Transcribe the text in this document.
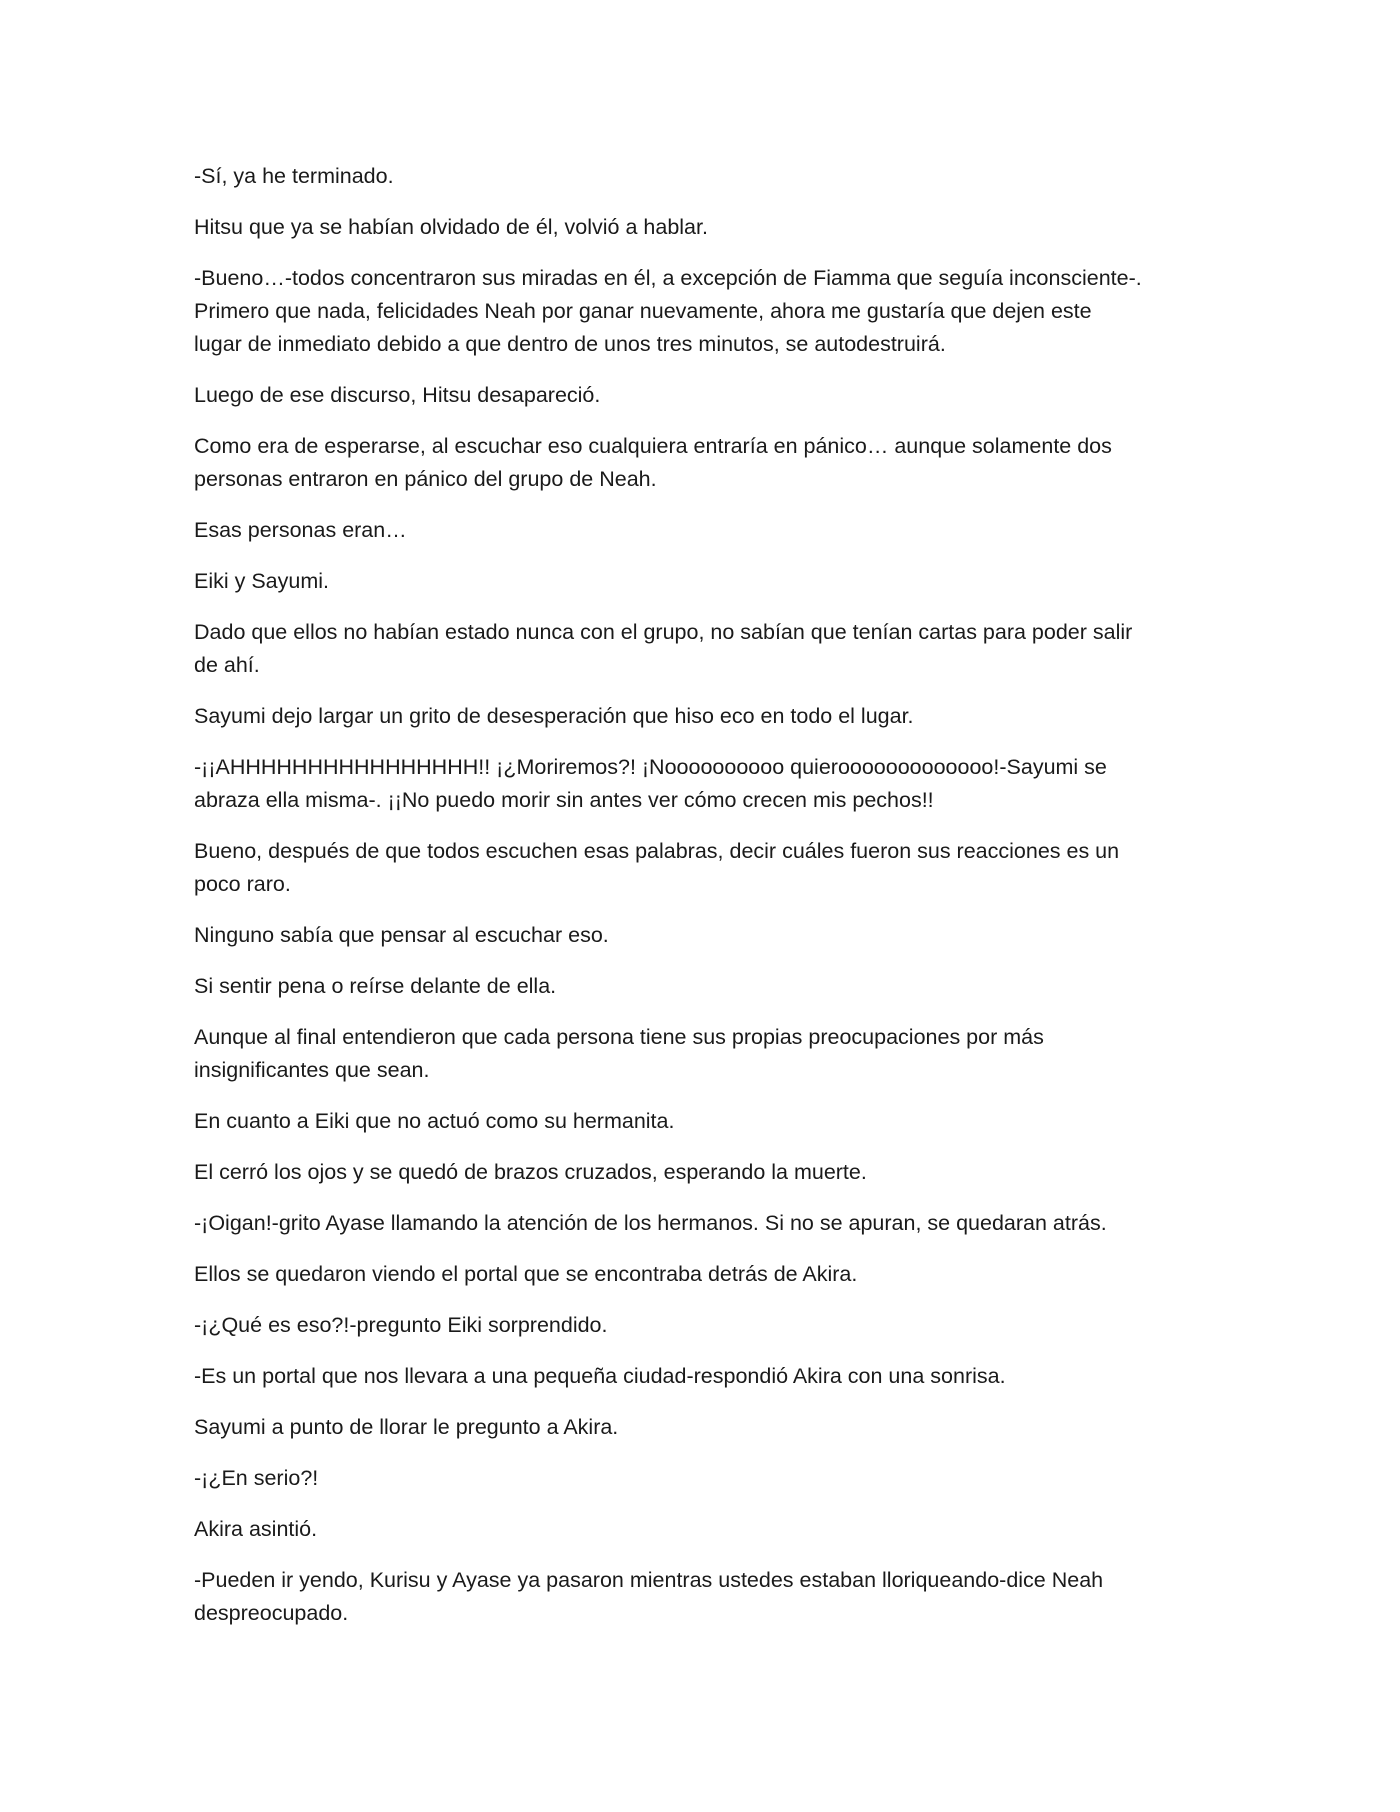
-Sí, ya he terminado.

Hitsu que ya se habían olvidado de él, volvió a hablar.

-Bueno…-todos concentraron sus miradas en él, a excepción de Fiamma que seguía inconsciente-.
Primero que nada, felicidades Neah por ganar nuevamente, ahora me gustaría que dejen este
lugar de inmediato debido a que dentro de unos tres minutos, se autodestruirá.

Luego de ese discurso, Hitsu desapareció.

Como era de esperarse, al escuchar eso cualquiera entraría en pánico… aunque solamente dos
personas entraron en pánico del grupo de Neah.

Esas personas eran…

Eiki y Sayumi.

Dado que ellos no habían estado nunca con el grupo, no sabían que tenían cartas para poder salir
de ahí.

Sayumi dejo largar un grito de desesperación que hiso eco en todo el lugar.

-¡¡AHHHHHHHHHHHHHHHH!! ¡¿Moriremos?! ¡Noooooooooo quierooooooooooooo!-Sayumi se
abraza ella misma-. ¡¡No puedo morir sin antes ver cómo crecen mis pechos!!

Bueno, después de que todos escuchen esas palabras, decir cuáles fueron sus reacciones es un
poco raro.

Ninguno sabía que pensar al escuchar eso.

Si sentir pena o reírse delante de ella.

Aunque al final entendieron que cada persona tiene sus propias preocupaciones por más
insignificantes que sean.

En cuanto a Eiki que no actuó como su hermanita.

El cerró los ojos y se quedó de brazos cruzados, esperando la muerte.

-¡Oigan!-grito Ayase llamando la atención de los hermanos. Si no se apuran, se quedaran atrás.

Ellos se quedaron viendo el portal que se encontraba detrás de Akira.

-¡¿Qué es eso?!-pregunto Eiki sorprendido.

-Es un portal que nos llevara a una pequeña ciudad-respondió Akira con una sonrisa.

Sayumi a punto de llorar le pregunto a Akira.

-¡¿En serio?!

Akira asintió.

-Pueden ir yendo, Kurisu y Ayase ya pasaron mientras ustedes estaban lloriqueando-dice Neah
despreocupado.
